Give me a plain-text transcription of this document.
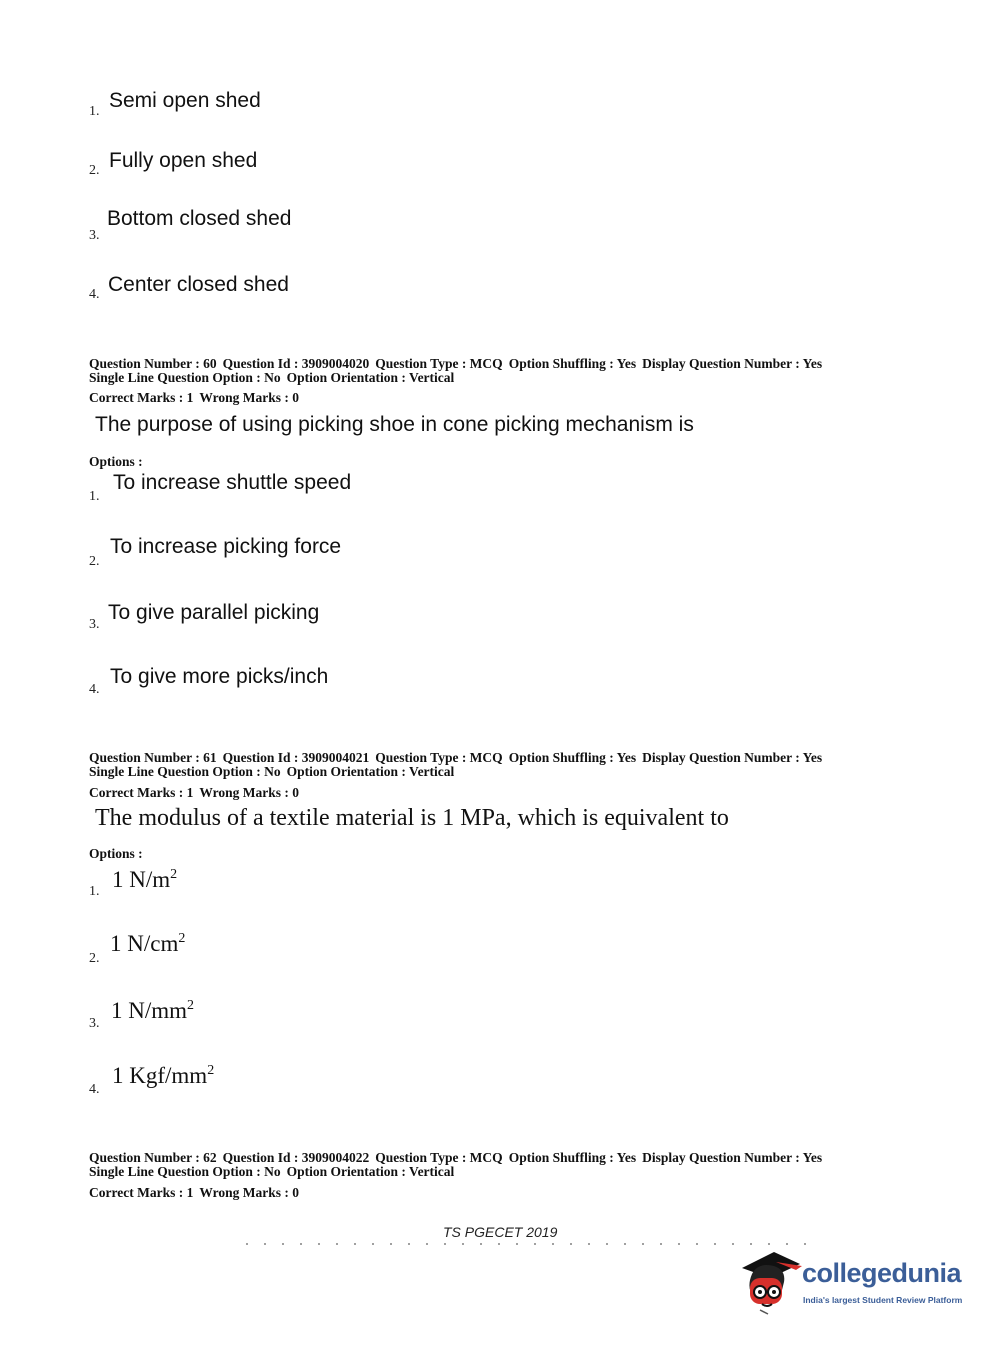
1. Semi open shed
2. Fully open shed
3.
Bottom closed shed
4. Center closed shed
Question Number : 60 Question Id : 3909004020 Question Type : MCQ Option Shuffling : Yes Display Question Number : Yes
Single Line Question Option : No Option Orientation : Vertical
Correct Marks : 1 Wrong Marks : 0
The purpose of using picking shoe in cone picking mechanism is
Options :
1.
To increase shuttle speed
2.
To increase picking force
3.
To give parallel picking
4.
To give more picks/inch
Question Number : 61 Question Id : 3909004021 Question Type : MCQ Option Shuffling : Yes Display Question Number : Yes
Single Line Question Option : No Option Orientation : Vertical
Correct Marks : 1 Wrong Marks : 0
The modulus of a textile material is 1 MPa, which is equivalent to
Options :
1. 1 $N/m^2$
2.
1 $N/cm^2$
3.
1 $N/mm^2$
4.
1 Kgf/$mm^2$
Question Number : 62 Question Id : 3909004022 Question Type : MCQ Option Shuffling : Yes Display Question Number : Yes
Single Line Question Option : No Option Orientation : Vertical
Correct Marks : 1 Wrong Marks : 0
TS PGECET 2019
collegedunia
India's largest Student Review Platform
